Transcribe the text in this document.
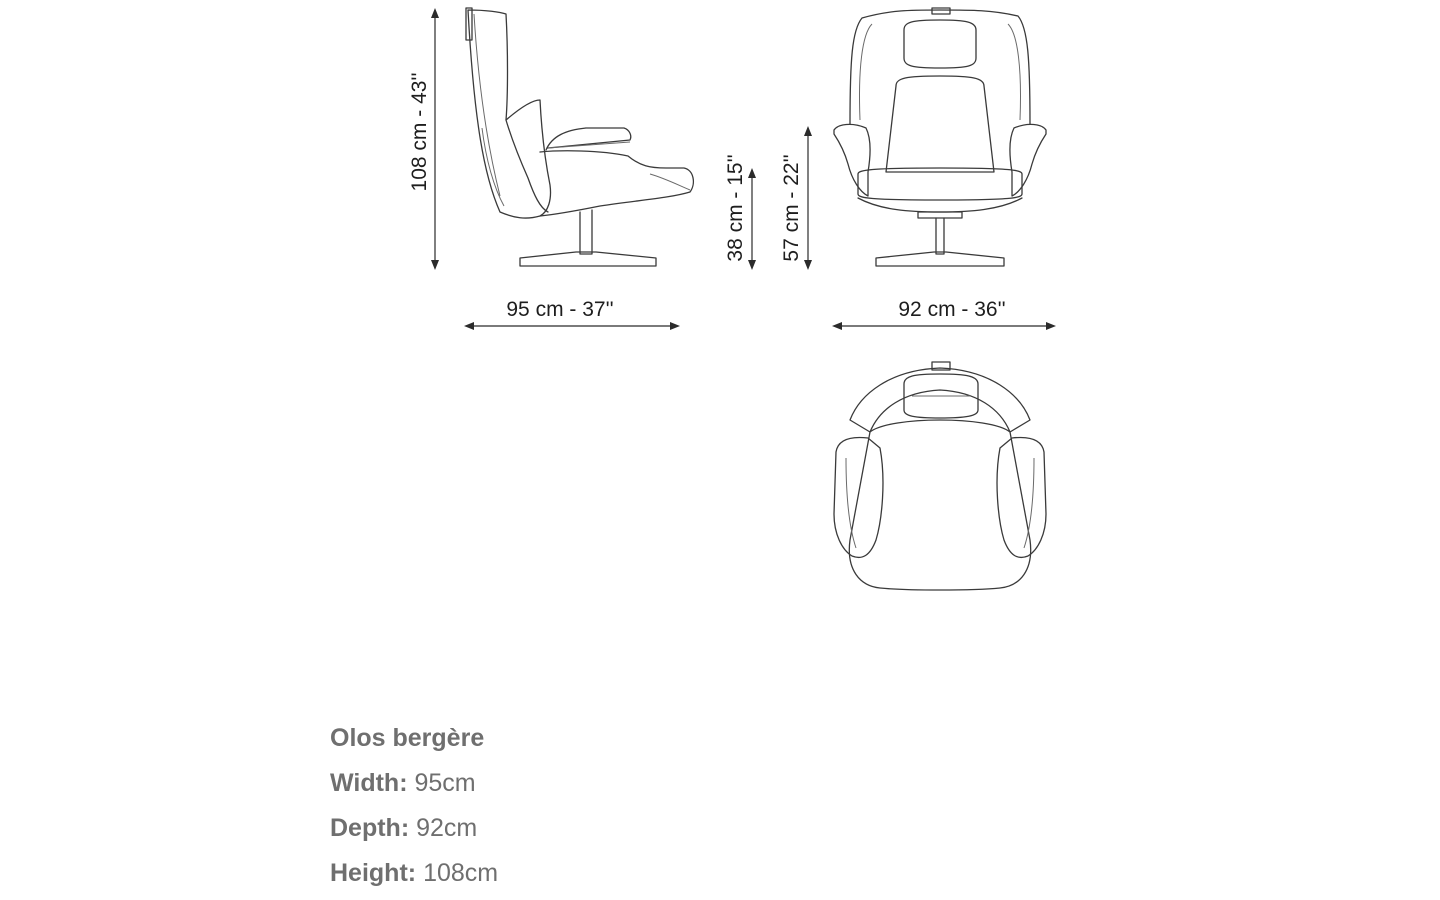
108 cm - 43''
95 cm - 37''
38 cm - 15'' 57 cm - 22''
92 cm - 36''
Olos bergère
Width: 95cm
Depth: 92cm
Height: 108cm
